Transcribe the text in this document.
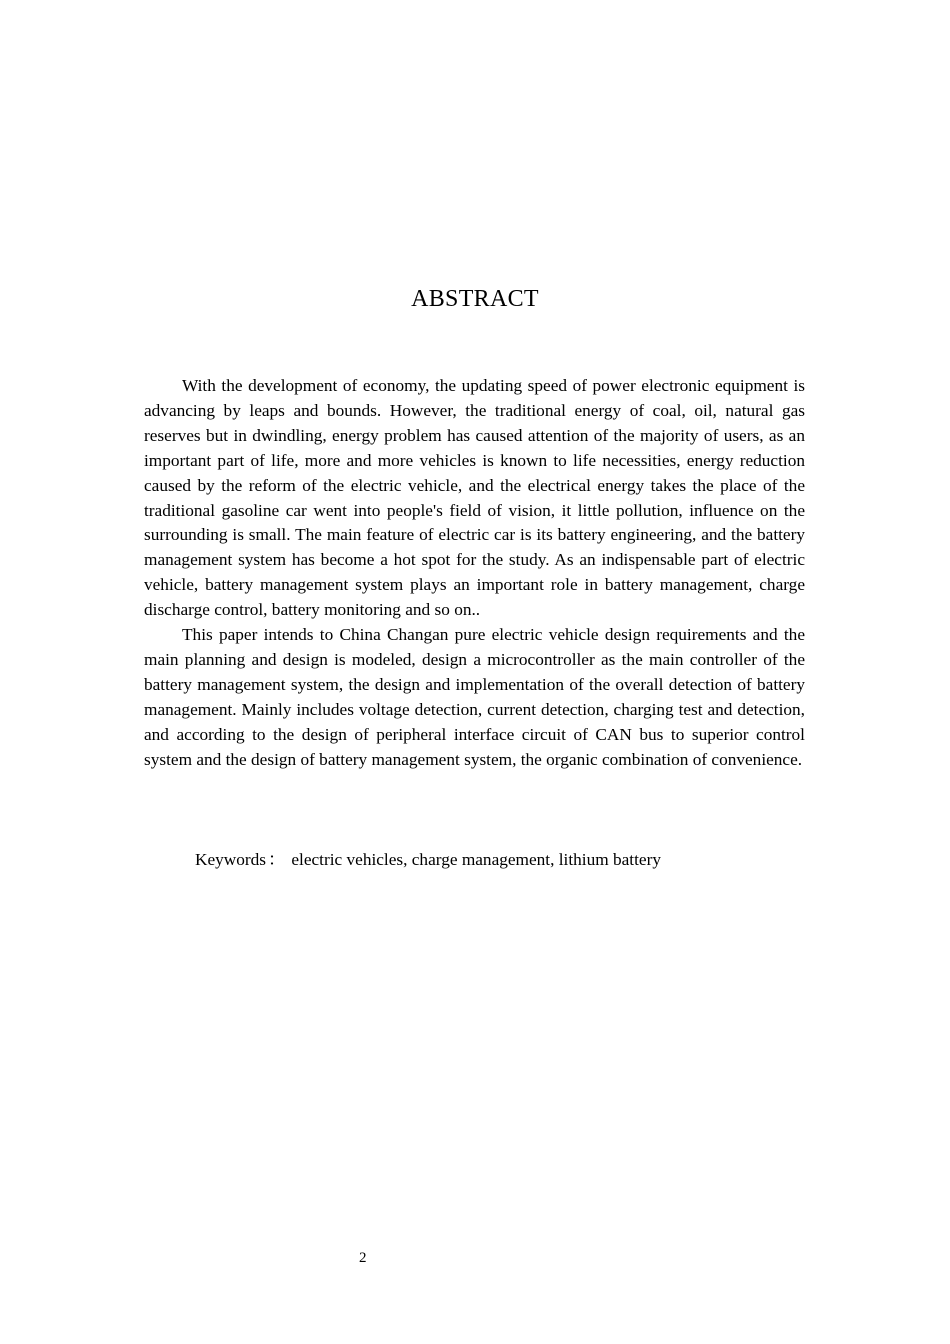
ABSTRACT

With the development of economy, the updating speed of power electronic equipment is advancing by leaps and bounds. However, the traditional energy of coal, oil, natural gas reserves but in dwindling, energy problem has caused attention of the majority of users, as an important part of life, more and more vehicles is known to life necessities, energy reduction caused by the reform of the electric vehicle, and the electrical energy takes the place of the traditional gasoline car went into people's field of vision, it little pollution, influence on the surrounding is small. The main feature of electric car is its battery engineering, and the battery management system has become a hot spot for the study. As an indispensable part of electric vehicle, battery management system plays an important role in battery management, charge discharge control, battery monitoring and so on..

This paper intends to China Changan pure electric vehicle design requirements and the main planning and design is modeled, design a microcontroller as the main controller of the battery management system, the design and implementation of the overall detection of battery management. Mainly includes voltage detection, current detection, charging test and detection, and according to the design of peripheral interface circuit of CAN bus to superior control system and the design of battery management system, the organic combination of convenience.

Keywords ： electric vehicles, charge management, lithium battery
2
